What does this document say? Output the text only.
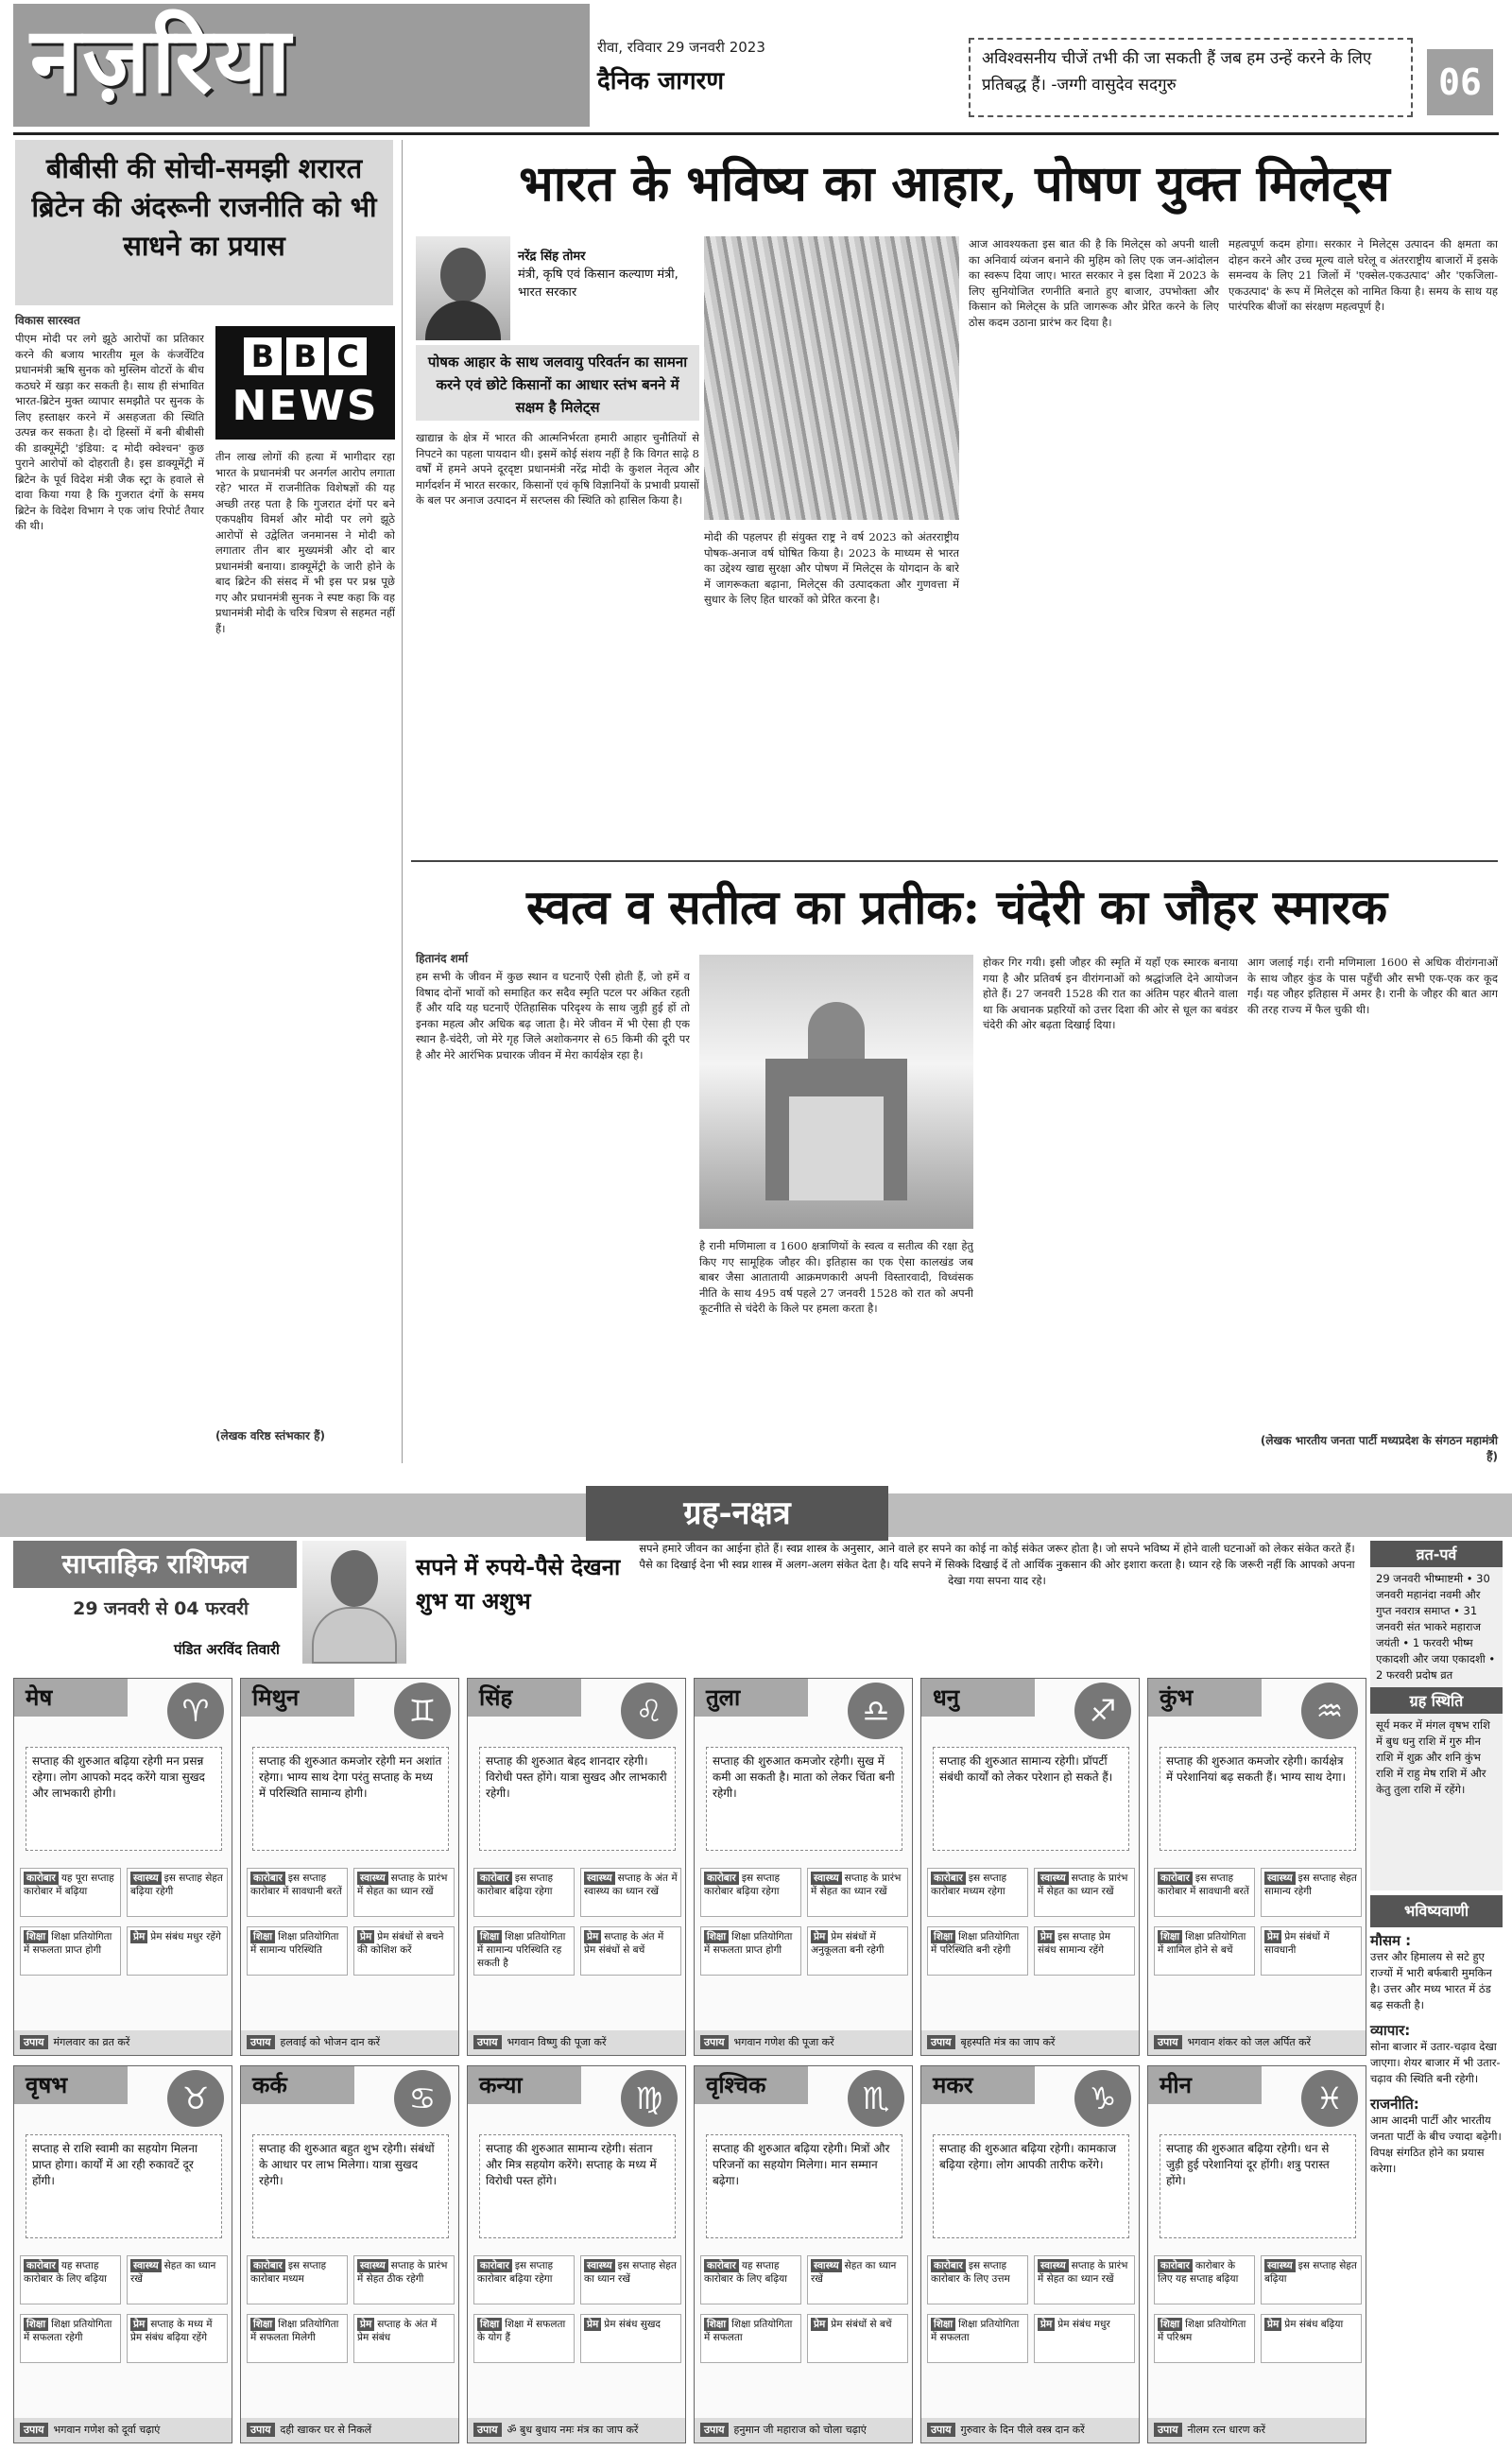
नज़रिया	रीवा, रविवार 29 जनवरी 2023
दैनिक जागरण
अविश्वसनीय चीजें तभी की जा सकती हैं जब हम उन्हें करने के लिए प्रतिबद्ध हैं। -जग्गी वासुदेव सदगुरु	06
बीबीसी की सोची-समझी शरारत ब्रिटेन की अंदरूनी राजनीति को भी साधने का प्रयास
विकास सारस्वत
पीएम मोदी पर लगे झूठे आरोपों का प्रतिकार करने की बजाय भारतीय मूल के कंजर्वेटिव प्रधानमंत्री ऋषि सुनक को मुस्लिम वोटरों के बीच कठघरे में खड़ा कर सकती है। साथ ही संभावित भारत-ब्रिटेन मुक्त व्यापार समझौते पर सुनक के लिए हस्ताक्षर करने में असहजता की स्थिति उत्पन्न कर सकता है। दो हिस्सों में बनी बीबीसी की डाक्यूमेंट्री 'इंडिया: द मोदी क्वेश्चन' कुछ पुराने आरोपों को दोहराती है। इस डाक्यूमेंट्री में ब्रिटेन के पूर्व विदेश मंत्री जैक स्ट्रा के हवाले से दावा किया गया है कि गुजरात दंगों के समय ब्रिटेन के विदेश विभाग ने एक जांच रिपोर्ट तैयार की थी।
B B C
NEWS
तीन लाख लोगों की हत्या में भागीदार रहा भारत के प्रधानमंत्री पर अनर्गल आरोप लगाता रहे? भारत में राजनीतिक विशेषज्ञों की यह अच्छी तरह पता है कि गुजरात दंगों पर बने एकपक्षीय विमर्श और मोदी पर लगे झूठे आरोपों से उद्वेलित जनमानस ने मोदी को लगातार तीन बार मुख्यमंत्री और दो बार प्रधानमंत्री बनाया। डाक्यूमेंट्री के जारी होने के बाद ब्रिटेन की संसद में भी इस पर प्रश्न पूछे गए और प्रधानमंत्री सुनक ने स्पष्ट कहा कि वह प्रधानमंत्री मोदी के चरित्र चित्रण से सहमत नहीं हैं।
(लेखक वरिष्ठ स्तंभकार हैं)
भारत के भविष्य का आहार, पोषण युक्त मिलेट्स
नरेंद्र सिंह तोमर
मंत्री, कृषि एवं किसान कल्याण मंत्री, भारत सरकार
पोषक आहार के साथ जलवायु परिवर्तन का सामना करने एवं छोटे किसानों का आधार स्तंभ बनने में सक्षम है मिलेट्स
खाद्यान्न के क्षेत्र में भारत की आत्मनिर्भरता हमारी आहार चुनौतियों से निपटने का पहला पायदान थी। इसमें कोई संशय नहीं है कि विगत साढ़े 8 वर्षों में हमने अपने दूरदृष्टा प्रधानमंत्री नरेंद्र मोदी के कुशल नेतृत्व और मार्गदर्शन में भारत सरकार, किसानों एवं कृषि विज्ञानियों के प्रभावी प्रयासों के बल पर अनाज उत्पादन में सरप्लस की स्थिति को हासिल किया है।
मोदी की पहलपर ही संयुक्त राष्ट्र ने वर्ष 2023 को अंतरराष्ट्रीय पोषक-अनाज वर्ष घोषित किया है। 2023 के माध्यम से भारत का उद्देश्य खाद्य सुरक्षा और पोषण में मिलेट्स के योगदान के बारे में जागरूकता बढ़ाना, मिलेट्स की उत्पादकता और गुणवत्ता में सुधार के लिए हित धारकों को प्रेरित करना है।
आज आवश्यकता इस बात की है कि मिलेट्स को अपनी थाली का अनिवार्य व्यंजन बनाने की मुहिम को लिए एक जन-आंदोलन का स्वरूप दिया जाए। भारत सरकार ने इस दिशा में 2023 के लिए सुनियोजित रणनीति बनाते हुए बाजार, उपभोक्ता और किसान को मिलेट्स के प्रति जागरूक और प्रेरित करने के लिए ठोस कदम उठाना प्रारंभ कर दिया है।
महत्वपूर्ण कदम होगा। सरकार ने मिलेट्स उत्पादन की क्षमता का दोहन करने और उच्च मूल्य वाले घरेलू व अंतरराष्ट्रीय बाजारों में इसके समन्वय के लिए 21 जिलों में 'एक्सेल-एकउत्पाद' और 'एकजिला-एकउत्पाद' के रूप में मिलेट्स को नामित किया है। समय के साथ यह पारंपरिक बीजों का संरक्षण महत्वपूर्ण है।
स्वत्व व सतीत्व का प्रतीक: चंदेरी का जौहर स्मारक
हितानंद शर्मा
हम सभी के जीवन में कुछ स्थान व घटनाएँ ऐसी होती हैं, जो हमें व विषाद दोनों भावों को समाहित कर सदैव स्मृति पटल पर अंकित रहती हैं और यदि यह घटनाएँ ऐतिहासिक परिदृश्य के साथ जुड़ी हुई हों तो इनका महत्व और अधिक बढ़ जाता है। मेरे जीवन में भी ऐसा ही एक स्थान है-चंदेरी, जो मेरे गृह जिले अशोकनगर से 65 किमी की दूरी पर है और मेरे आरंभिक प्रचारक जीवन में मेरा कार्यक्षेत्र रहा है।
है रानी मणिमाला व 1600 क्षत्राणियों के स्वत्व व सतीत्व की रक्षा हेतु किए गए सामूहिक जौहर की। इतिहास का एक ऐसा कालखंड जब बाबर जैसा आतातायी आक्रमणकारी अपनी विस्तारवादी, विध्वंसक नीति के साथ 495 वर्ष पहले 27 जनवरी 1528 को रात को अपनी कूटनीति से चंदेरी के किले पर हमला करता है।
होकर गिर गयी। इसी जौहर की स्मृति में यहाँ एक स्मारक बनाया गया है और प्रतिवर्ष इन वीरांगनाओं को श्रद्धांजलि देने आयोजन होते हैं। 27 जनवरी 1528 की रात का अंतिम पहर बीतने वाला था कि अचानक प्रहरियों को उत्तर दिशा की ओर से धूल का बवंडर चंदेरी की ओर बढ़ता दिखाई दिया।
आग जलाई गई। रानी मणिमाला 1600 से अधिक वीरांगनाओं के साथ जौहर कुंड के पास पहुँची और सभी एक-एक कर कूद गईं। यह जौहर इतिहास में अमर है। रानी के जौहर की बात आग की तरह राज्य में फैल चुकी थी।
(लेखक भारतीय जनता पार्टी मध्यप्रदेश के संगठन महामंत्री हैं)
ग्रह-नक्षत्र
साप्ताहिक राशिफल
29 जनवरी से 04 फरवरी
पंडित अरविंद तिवारी
सपने में रुपये-पैसे देखना शुभ या अशुभ
सपने हमारे जीवन का आईना होते हैं। स्वप्न शास्त्र के अनुसार, आने वाले हर सपने का कोई ना कोई संकेत जरूर होता है। जो सपने भविष्य में होने वाली घटनाओं को लेकर संकेत करते हैं। पैसे का दिखाई देना भी स्वप्न शास्त्र में अलग-अलग संकेत देता है। यदि सपने में सिक्के दिखाई दें तो आर्थिक नुकसान की ओर इशारा करता है। ध्यान रहे कि जरूरी नहीं कि आपको अपना देखा गया सपना याद रहे।
व्रत-पर्व
29 जनवरी भीष्माष्टमी • 30 जनवरी महानंदा नवमी और गुप्त नवरात्र समाप्त • 31 जनवरी संत भाकरे महाराज जयंती • 1 फरवरी भीष्म एकादशी और जया एकादशी • 2 फरवरी प्रदोष व्रत
ग्रह स्थिति
सूर्य मकर में मंगल वृषभ राशि में बुध धनु राशि में गुरु मीन राशि में शुक्र और शनि कुंभ राशि में राहु मेष राशि में और केतु तुला राशि में रहेंगे।
भविष्यवाणी
मौसम :
उत्तर और हिमालय से सटे हुए राज्यों में भारी बर्फबारी मुमकिन है। उत्तर और मध्य भारत में ठंड बढ़ सकती है।
व्यापार:
सोना बाजार में उतार-चढ़ाव देखा जाएगा। शेयर बाजार में भी उतार-चढ़ाव की स्थिति बनी रहेगी।
राजनीति:
आम आदमी पार्टी और भारतीय जनता पार्टी के बीच ज्यादा बढ़ेगी। विपक्ष संगठित होने का प्रयास करेगा।
मेष	♈
सप्ताह की शुरुआत बढ़िया रहेगी मन प्रसन्न रहेगा। लोग आपको मदद करेंगे यात्रा सुखद और लाभकारी होगी।
कारोबार यह पूरा सप्ताह कारोबार में बढ़िया
स्वास्थ्य इस सप्ताह सेहत बढ़िया रहेगी
शिक्षा शिक्षा प्रतियोगिता में सफलता प्राप्त होगी
प्रेम प्रेम संबंध मधुर रहेंगे
उपाय मंगलवार का व्रत करें
मिथुन	♊
सप्ताह की शुरुआत कमजोर रहेगी मन अशांत रहेगा। भाग्य साथ देगा परंतु सप्ताह के मध्य में परिस्थिति सामान्य होगी।
कारोबार इस सप्ताह कारोबार में सावधानी बरतें
स्वास्थ्य सप्ताह के प्रारंभ में सेहत का ध्यान रखें
शिक्षा शिक्षा प्रतियोगिता में सामान्य परिस्थिति
प्रेम प्रेम संबंधों से बचने की कोशिश करें
उपाय हलवाई को भोजन दान करें
सिंह	♌
सप्ताह की शुरुआत बेहद शानदार रहेगी। विरोधी पस्त होंगे। यात्रा सुखद और लाभकारी रहेगी।
कारोबार इस सप्ताह कारोबार बढ़िया रहेगा
स्वास्थ्य सप्ताह के अंत में स्वास्थ्य का ध्यान रखें
शिक्षा शिक्षा प्रतियोगिता में सामान्य परिस्थिति रह सकती है
प्रेम सप्ताह के अंत में प्रेम संबंधों से बचें
उपाय भगवान विष्णु की पूजा करें
तुला	♎
सप्ताह की शुरुआत कमजोर रहेगी। सुख में कमी आ सकती है। माता को लेकर चिंता बनी रहेगी।
कारोबार इस सप्ताह कारोबार बढ़िया रहेगा
स्वास्थ्य सप्ताह के प्रारंभ में सेहत का ध्यान रखें
शिक्षा शिक्षा प्रतियोगिता में सफलता प्राप्त होगी
प्रेम प्रेम संबंधों में अनुकूलता बनी रहेगी
उपाय भगवान गणेश की पूजा करें
धनु	♐
सप्ताह की शुरुआत सामान्य रहेगी। प्रॉपर्टी संबंधी कार्यों को लेकर परेशान हो सकते हैं।
कारोबार इस सप्ताह कारोबार मध्यम रहेगा
स्वास्थ्य सप्ताह के प्रारंभ में सेहत का ध्यान रखें
शिक्षा शिक्षा प्रतियोगिता में परिस्थिति बनी रहेगी
प्रेम इस सप्ताह प्रेम संबंध सामान्य रहेंगे
उपाय बृहस्पति मंत्र का जाप करें
कुंभ	♒
सप्ताह की शुरुआत कमजोर रहेगी। कार्यक्षेत्र में परेशानियां बढ़ सकती हैं। भाग्य साथ देगा।
कारोबार इस सप्ताह कारोबार में सावधानी बरतें
स्वास्थ्य इस सप्ताह सेहत सामान्य रहेगी
शिक्षा शिक्षा प्रतियोगिता में शामिल होने से बचें
प्रेम प्रेम संबंधों में सावधानी
उपाय भगवान शंकर को जल अर्पित करें
वृषभ	♉
सप्ताह से राशि स्वामी का सहयोग मिलना प्राप्त होगा। कार्यों में आ रही रुकावटें दूर होंगी।
कारोबार यह सप्ताह कारोबार के लिए बढ़िया
स्वास्थ्य सेहत का ध्यान रखें
शिक्षा शिक्षा प्रतियोगिता में सफलता रहेगी
प्रेम सप्ताह के मध्य में प्रेम संबंध बढ़िया रहेंगे
उपाय भगवान गणेश को दूर्वा चढ़ाएं
कर्क	♋
सप्ताह की शुरुआत बहुत शुभ रहेगी। संबंधों के आधार पर लाभ मिलेगा। यात्रा सुखद रहेगी।
कारोबार इस सप्ताह कारोबार मध्यम
स्वास्थ्य सप्ताह के प्रारंभ में सेहत ठीक रहेगी
शिक्षा शिक्षा प्रतियोगिता में सफलता मिलेगी
प्रेम सप्ताह के अंत में प्रेम संबंध
उपाय दही खाकर घर से निकलें
कन्या	♍
सप्ताह की शुरुआत सामान्य रहेगी। संतान और मित्र सहयोग करेंगे। सप्ताह के मध्य में विरोधी पस्त होंगे।
कारोबार इस सप्ताह कारोबार बढ़िया रहेगा
स्वास्थ्य इस सप्ताह सेहत का ध्यान रखें
शिक्षा शिक्षा में सफलता के योग हैं
प्रेम प्रेम संबंध सुखद
उपाय ॐ बुध बुधाय नमः मंत्र का जाप करें
वृश्चिक	♏
सप्ताह की शुरुआत बढ़िया रहेगी। मित्रों और परिजनों का सहयोग मिलेगा। मान सम्मान बढ़ेगा।
कारोबार यह सप्ताह कारोबार के लिए बढ़िया
स्वास्थ्य सेहत का ध्यान रखें
शिक्षा शिक्षा प्रतियोगिता में सफलता
प्रेम प्रेम संबंधों से बचें
उपाय हनुमान जी महाराज को चोला चढ़ाएं
मकर	♑
सप्ताह की शुरुआत बढ़िया रहेगी। कामकाज बढ़िया रहेगा। लोग आपकी तारीफ करेंगे।
कारोबार इस सप्ताह कारोबार के लिए उत्तम
स्वास्थ्य सप्ताह के प्रारंभ में सेहत का ध्यान रखें
शिक्षा शिक्षा प्रतियोगिता में सफलता
प्रेम प्रेम संबंध मधुर
उपाय गुरुवार के दिन पीले वस्त्र दान करें
मीन	♓
सप्ताह की शुरुआत बढ़िया रहेगी। धन से जुड़ी हुई परेशानियां दूर होंगी। शत्रु परास्त होंगे।
कारोबार कारोबार के लिए यह सप्ताह बढ़िया
स्वास्थ्य इस सप्ताह सेहत बढ़िया
शिक्षा शिक्षा प्रतियोगिता में परिश्रम
प्रेम प्रेम संबंध बढ़िया
उपाय नीलम रत्न धारण करें
